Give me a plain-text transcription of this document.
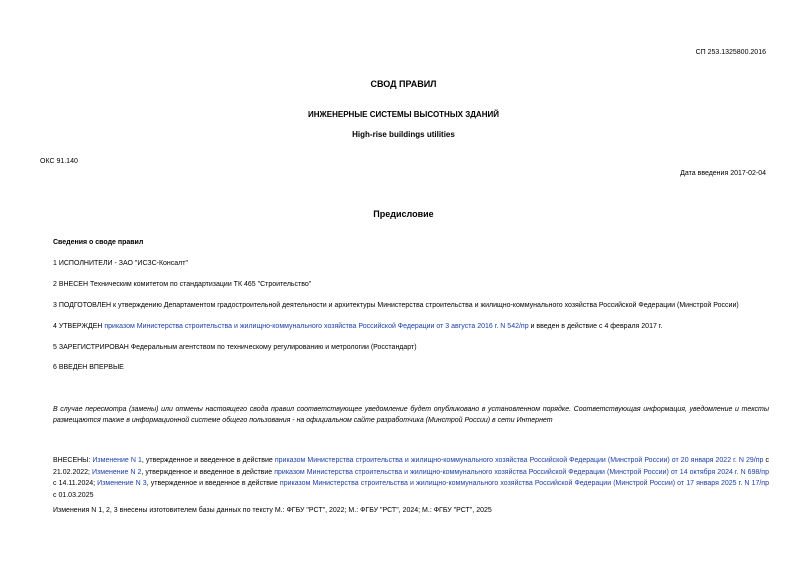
СП 253.1325800.2016
СВОД ПРАВИЛ
ИНЖЕНЕРНЫЕ СИСТЕМЫ ВЫСОТНЫХ ЗДАНИЙ
High-rise buildings utilities
ОКС 91.140
Дата введения 2017-02-04
Предисловие
Сведения о своде правил
1 ИСПОЛНИТЕЛИ - ЗАО "ИСЗС-Консалт"
2 ВНЕСЕН Техническим комитетом по стандартизации ТК 465 "Строительство"
3 ПОДГОТОВЛЕН к утверждению Департаментом градостроительной деятельности и архитектуры Министерства строительства и жилищно-коммунального хозяйства Российской Федерации (Минстрой России)
4 УТВЕРЖДЕН приказом Министерства строительства и жилищно-коммунального хозяйства Российской Федерации от 3 августа 2016 г. N 542/пр и введен в действие с 4 февраля 2017 г.
5 ЗАРЕГИСТРИРОВАН Федеральным агентством по техническому регулированию и метрологии (Росстандарт)
6 ВВЕДЕН ВПЕРВЫЕ
В случае пересмотра (замены) или отмены настоящего свода правил соответствующее уведомление будет опубликовано в установленном порядке. Соответствующая информация, уведомление и тексты размещаются также в информационной системе общего пользования - на официальном сайте разработчика (Минстрой России) в сети Интернет
ВНЕСЕНЫ: Изменение N 1, утвержденное и введенное в действие приказом Министерства строительства и жилищно-коммунального хозяйства Российской Федерации (Минстрой России) от 20 января 2022 г. N 29/пр с 21.02.2022; Изменение N 2, утвержденное и введенное в действие приказом Министерства строительства и жилищно-коммунального хозяйства Российской Федерации (Минстрой России) от 14 октября 2024 г. N 698/пр с 14.11.2024; Изменение N 3, утвержденное и введенное в действие приказом Министерства строительства и жилищно-коммунального хозяйства Российской Федерации (Минстрой России) от 17 января 2025 г. N 17/пр с 01.03.2025
Изменения N 1, 2, 3 внесены изготовителем базы данных по тексту М.: ФГБУ "РСТ", 2022; М.: ФГБУ "РСТ", 2024; М.: ФГБУ "РСТ", 2025
